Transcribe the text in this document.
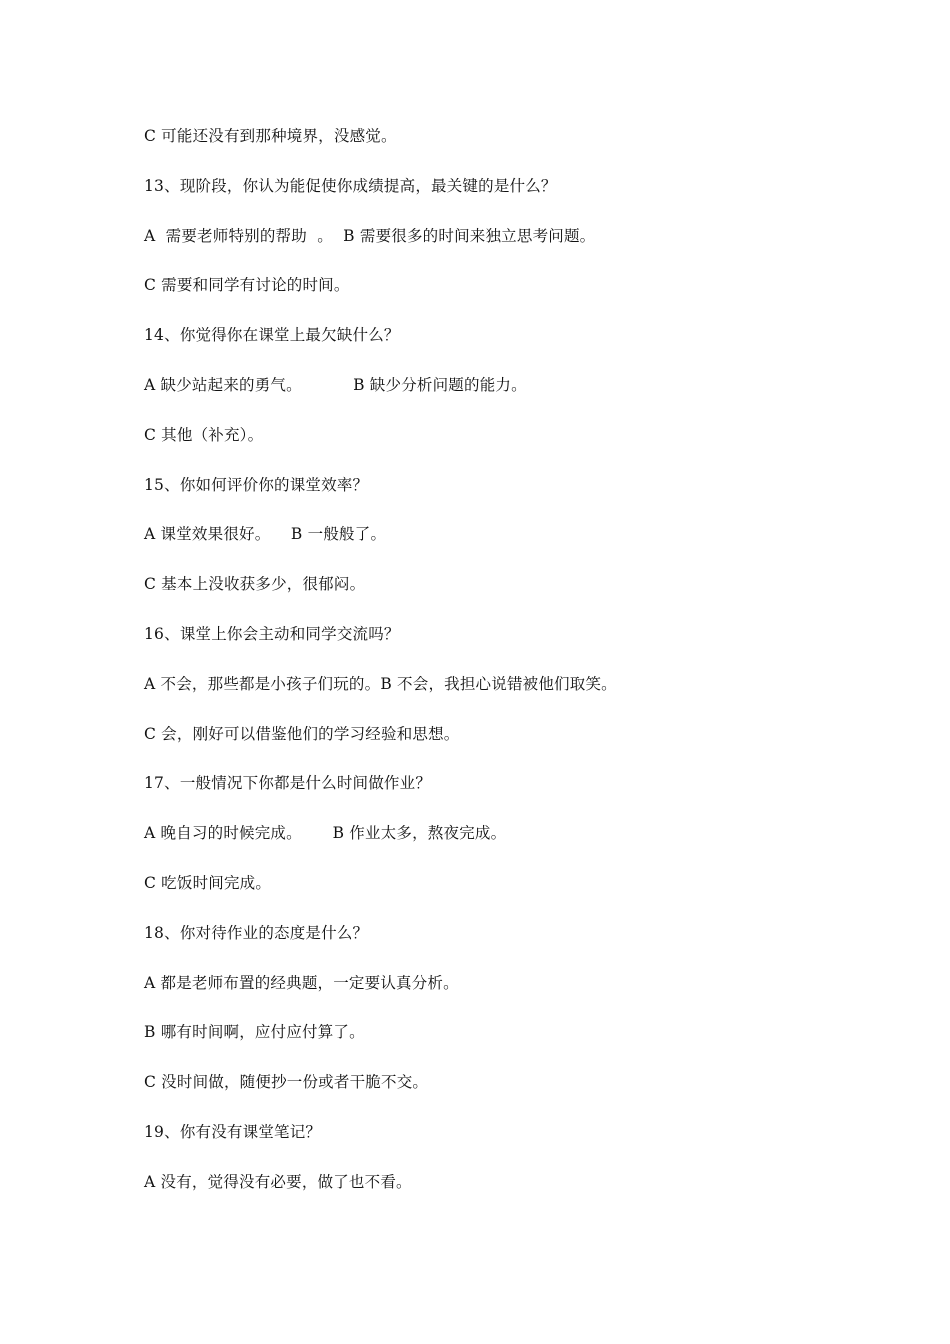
C 可能还没有到那种境界，没感觉。
13、现阶段，你认为能促使你成绩提高，最关键的是什么？
A  需要老师特别的帮助  。  B 需要很多的时间来独立思考问题。
C 需要和同学有讨论的时间。
14、你觉得你在课堂上最欠缺什么？
A 缺少站起来的勇气。          B 缺少分析问题的能力。
C 其他（补充）。
15、你如何评价你的课堂效率？
A 课堂效果很好。    B 一般般了。
C 基本上没收获多少，很郁闷。
16、课堂上你会主动和同学交流吗？
A 不会，那些都是小孩子们玩的。B 不会，我担心说错被他们取笑。
C 会，刚好可以借鉴他们的学习经验和思想。
17、一般情况下你都是什么时间做作业？
A 晚自习的时候完成。      B 作业太多，熬夜完成。
C 吃饭时间完成。
18、你对待作业的态度是什么？
A 都是老师布置的经典题，一定要认真分析。
B 哪有时间啊，应付应付算了。
C 没时间做，随便抄一份或者干脆不交。
19、你有没有课堂笔记？
A 没有，觉得没有必要，做了也不看。
